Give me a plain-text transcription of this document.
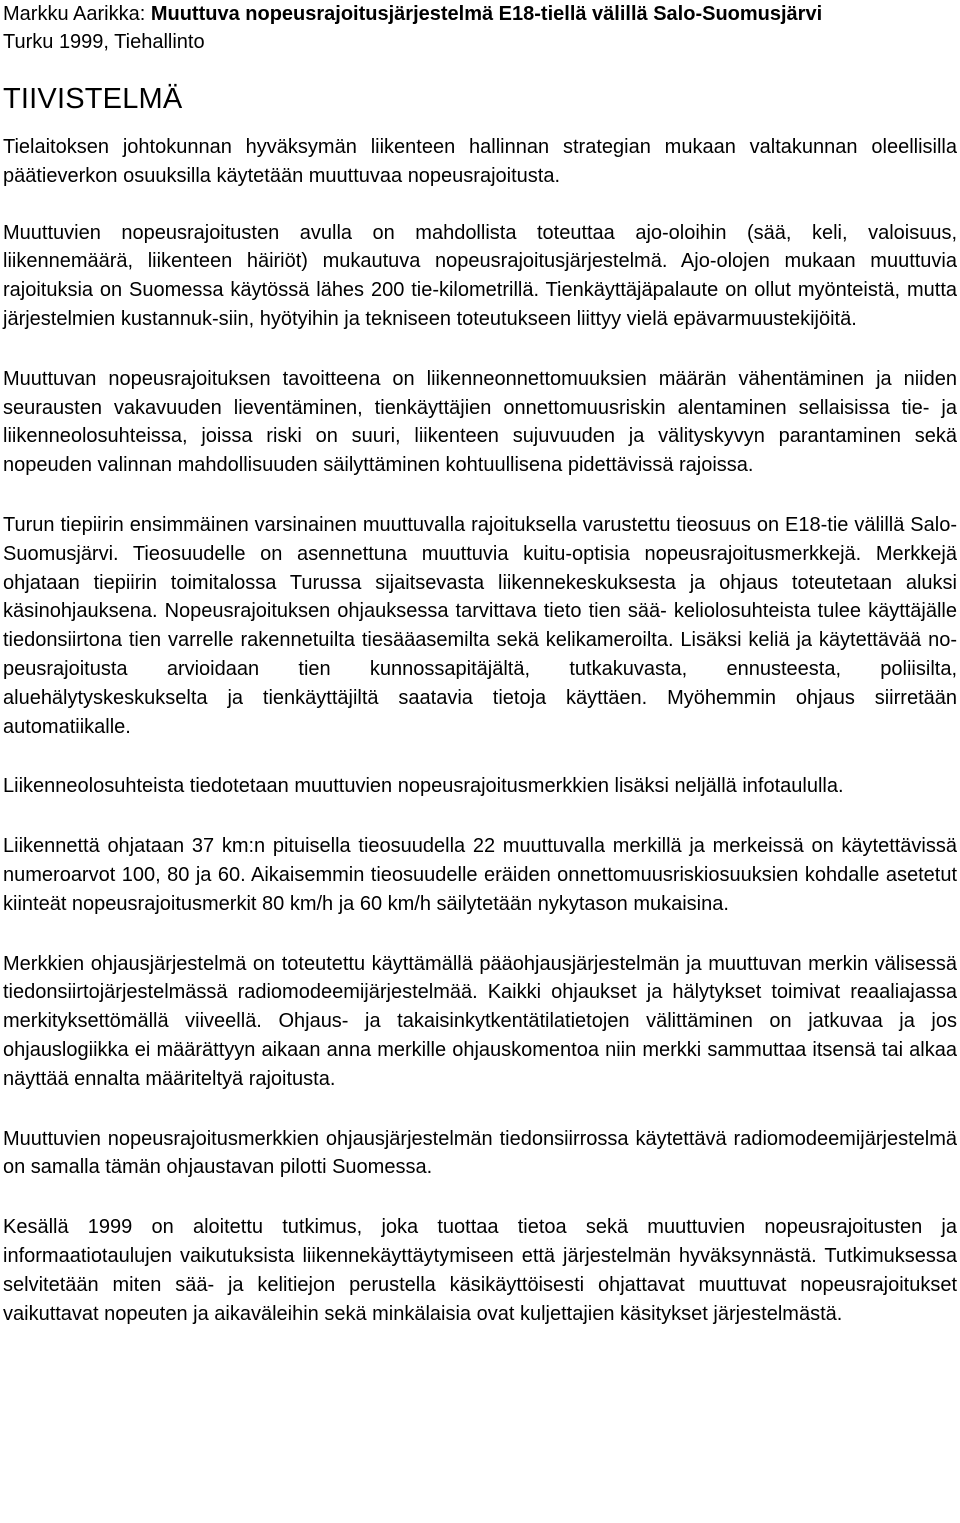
Markku Aarikka: Muuttuva nopeusrajoitusjärjestelmä E18-tiellä välillä Salo-Suomusjärvi

Turku 1999, Tiehallinto

TIIVISTELMÄ

Tielaitoksen johtokunnan hyväksymän liikenteen hallinnan strategian mukaan valtakunnan oleellisilla päätieverkon osuuksilla käytetään muuttuvaa nopeusrajoitusta.

Muuttuvien nopeusrajoitusten avulla on mahdollista toteuttaa ajo-oloihin (sää, keli, valoisuus, liikennemäärä, liikenteen häiriöt) mukautuva nopeusrajoitusjärjestelmä. Ajo-olojen mukaan muuttuvia rajoituksia on Suomessa käytössä lähes 200 tie-kilometrillä. Tienkäyttäjäpalaute on ollut myönteistä, mutta järjestelmien kustannuk-siin, hyötyihin ja tekniseen toteutukseen liittyy vielä epävarmuustekijöitä.

Muuttuvan nopeusrajoituksen tavoitteena on liikenneonnettomuuksien määrän vähentäminen ja niiden seurausten vakavuuden lieventäminen, tienkäyttäjien onnettomuusriskin alentaminen sellaisissa tie- ja liikenneolosuhteissa, joissa riski on suuri, liikenteen sujuvuuden ja välityskyvyn parantaminen sekä nopeuden valinnan mahdollisuuden säilyttäminen kohtuullisena pidettävissä rajoissa.

Turun tiepiirin ensimmäinen varsinainen muuttuvalla rajoituksella varustettu tieosuus on E18-tie välillä Salo-Suomusjärvi. Tieosuudelle on asennettuna muuttuvia kuitu-optisia nopeusrajoitusmerkkejä. Merkkejä ohjataan tiepiirin toimitalossa Turussa sijaitsevasta liikennekeskuksesta ja ohjaus toteutetaan aluksi käsinohjauksena. Nopeusrajoituksen ohjauksessa tarvittava tieto tien sää- keliolosuhteista tulee käyttäjälle tiedonsiirtona tien varrelle rakennetuilta tiesääasemilta sekä kelikameroilta. Lisäksi keliä ja käytettävää nopeusrajoitusta arvioidaan tien kunnossapitäjältä, tutkakuvasta, ennusteesta, poliisilta, aluehälytyskeskukselta ja tienkäyttäjiltä saatavia tietoja käyttäen. Myöhemmin ohjaus siirretään automatiikalle.

Liikenneolosuhteista tiedotetaan muuttuvien nopeusrajoitusmerkkien lisäksi neljällä infotaululla.

Liikennettä ohjataan 37 km:n pituisella tieosuudella 22 muuttuvalla merkillä ja merkeissä on käytettävissä numeroarvot 100, 80 ja 60. Aikaisemmin tieosuudelle eräiden onnettomuusriskiosuuksien kohdalle asetetut kiinteät nopeusrajoitusmerkit 80 km/h ja 60 km/h säilytetään nykytason mukaisina.

Merkkien ohjausjärjestelmä on toteutettu käyttämällä pääohjausjärjestelmän ja muuttuvan merkin välisessä tiedonsiirtojärjestelmässä radiomodeemijärjestelmää. Kaikki ohjaukset ja hälytykset toimivat reaaliajassa merkityksettömällä viiveellä. Ohjaus- ja takaisinkytkentätilatietojen välittäminen on jatkuvaa ja jos ohjauslogiikka ei määrättyyn aikaan anna merkille ohjauskomentoa niin merkki sammuttaa itsensä tai alkaa näyttää ennalta määriteltyä rajoitusta.

Muuttuvien nopeusrajoitusmerkkien ohjausjärjestelmän tiedonsiirrossa käytettävä radiomodeemijärjestelmä on samalla tämän ohjaustavan pilotti Suomessa.

Kesällä 1999 on aloitettu tutkimus, joka tuottaa tietoa sekä muuttuvien nopeusrajoitusten ja informaatiotaulujen vaikutuksista liikennekäyttäytymiseen että järjestelmän hyväksynnästä. Tutkimuksessa selvitetään miten sää- ja kelitiejon perustella käsikäyttöisesti ohjattavat muuttuvat nopeusrajoitukset vaikuttavat nopeuten ja aikaväleihin sekä minkälaisia ovat kuljettajien käsitykset järjestelmästä.
